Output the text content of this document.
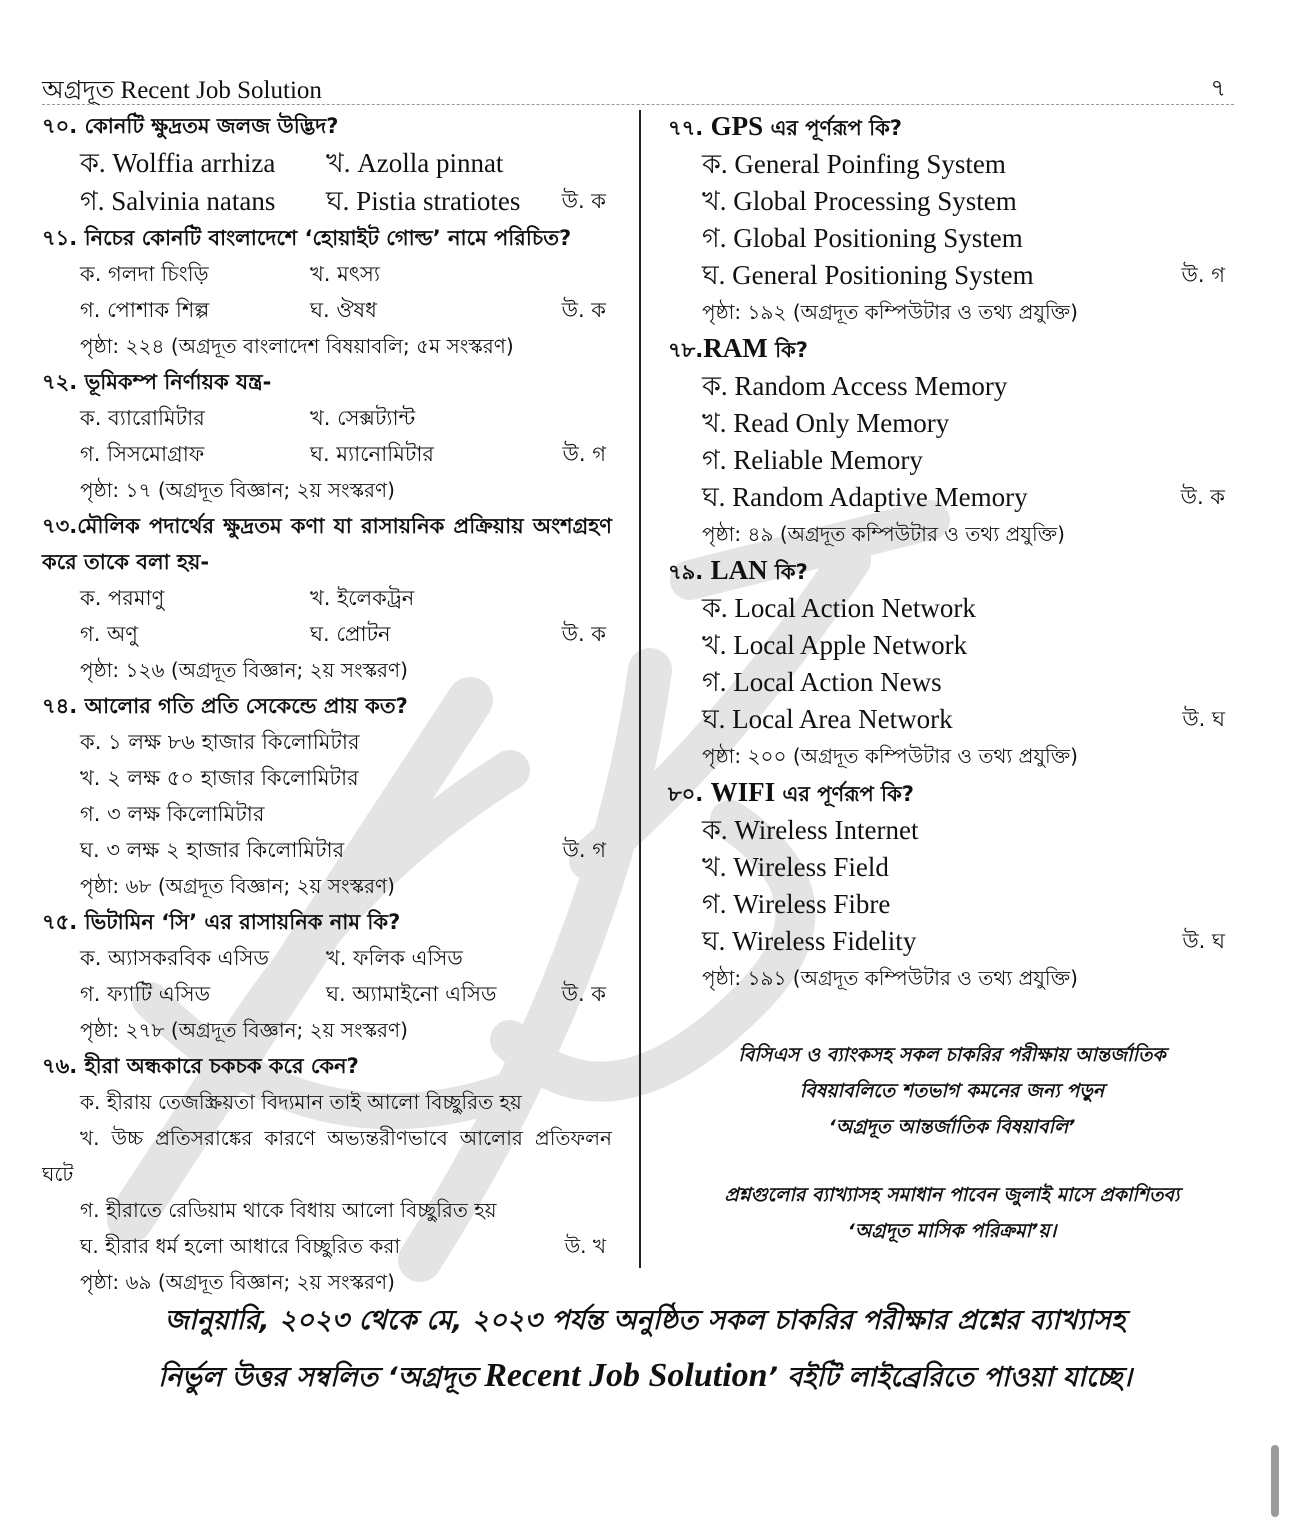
অগ্রদূত Recent Job Solution	৭
৭০. কোনটি ক্ষুদ্রতম জলজ উদ্ভিদ?
ক. Wolffia arrhiza খ. Azolla pinnat
গ. Salvinia natans ঘ. Pistia stratiotes উ. ক
৭১. নিচের কোনটি বাংলাদেশে ‘হোয়াইট গোল্ড’ নামে পরিচিত?
ক. গলদা চিংড়ি	খ. মৎস্য
গ. পোশাক শিল্প	ঘ. ঔষধ	উ. ক
পৃষ্ঠা: ২২৪ (অগ্রদূত বাংলাদেশ বিষয়াবলি; ৫ম সংস্করণ)
৭২. ভূমিকম্প নির্ণায়ক যন্ত্র-
ক. ব্যারোমিটার	খ. সেক্সট্যান্ট
গ. সিসমোগ্রাফ	ঘ. ম্যানোমিটার	উ. গ
পৃষ্ঠা: ১৭ (অগ্রদূত বিজ্ঞান; ২য় সংস্করণ)
৭৩.মৌলিক পদার্থের ক্ষুদ্রতম কণা যা রাসায়নিক প্রক্রিয়ায় অংশগ্রহণ করে তাকে বলা হয়-
ক. পরমাণু	খ. ইলেকট্রন
গ. অণু	ঘ. প্রোটন	উ. ক
পৃষ্ঠা: ১২৬ (অগ্রদূত বিজ্ঞান; ২য় সংস্করণ)
৭৪. আলোর গতি প্রতি সেকেন্ডে প্রায় কত?
ক. ১ লক্ষ ৮৬ হাজার কিলোমিটার
খ. ২ লক্ষ ৫০ হাজার কিলোমিটার
গ. ৩ লক্ষ কিলোমিটার
ঘ. ৩ লক্ষ ২ হাজার কিলোমিটার	উ. গ
পৃষ্ঠা: ৬৮ (অগ্রদূত বিজ্ঞান; ২য় সংস্করণ)
৭৫. ভিটামিন ‘সি’ এর রাসায়নিক নাম কি?
ক. অ্যাসকরবিক এসিড	খ. ফলিক এসিড
গ. ফ্যাটি এসিড	ঘ. অ্যামাইনো এসিড	উ. ক
পৃষ্ঠা: ২৭৮ (অগ্রদূত বিজ্ঞান; ২য় সংস্করণ)
৭৬. হীরা অন্ধকারে চকচক করে কেন?
ক. হীরায় তেজস্ক্রিয়তা বিদ্যমান তাই আলো বিচ্ছুরিত হয়
খ. উচ্চ প্রতিসরাঙ্কের কারণে অভ্যন্তরীণভাবে আলোর প্রতিফলন ঘটে
গ. হীরাতে রেডিয়াম থাকে বিধায় আলো বিচ্ছুরিত হয়
ঘ. হীরার ধর্ম হলো আধারে বিচ্ছুরিত করা	উ. খ
পৃষ্ঠা: ৬৯ (অগ্রদূত বিজ্ঞান; ২য় সংস্করণ)
৭৭. GPS এর পূর্ণরূপ কি?
ক. General Poinfing System
খ. Global Processing System
গ. Global Positioning System
ঘ. General Positioning System	উ. গ
পৃষ্ঠা: ১৯২ (অগ্রদূত কম্পিউটার ও তথ্য প্রযুক্তি)
৭৮.RAM কি?
ক. Random Access Memory
খ. Read Only Memory
গ. Reliable Memory
ঘ. Random Adaptive Memory	উ. ক
পৃষ্ঠা: ৪৯ (অগ্রদূত কম্পিউটার ও তথ্য প্রযুক্তি)
৭৯. LAN কি?
ক. Local Action Network
খ. Local Apple Network
গ. Local Action News
ঘ. Local Area Network	উ. ঘ
পৃষ্ঠা: ২০০ (অগ্রদূত কম্পিউটার ও তথ্য প্রযুক্তি)
৮০. WIFI এর পূর্ণরূপ কি?
ক. Wireless Internet
খ. Wireless Field
গ. Wireless Fibre
ঘ. Wireless Fidelity	উ. ঘ
পৃষ্ঠা: ১৯১ (অগ্রদূত কম্পিউটার ও তথ্য প্রযুক্তি)
বিসিএস ও ব্যাংকসহ সকল চাকরির পরীক্ষায় আন্তর্জাতিক
বিষয়াবলিতে শতভাগ কমনের জন্য পড়ুন
‘অগ্রদূত আন্তর্জাতিক বিষয়াবলি’
প্রশ্নগুলোর ব্যাখ্যাসহ সমাধান পাবেন জুলাই মাসে প্রকাশিতব্য
‘অগ্রদূত মাসিক পরিক্রমা’য়।
জানুয়ারি, ২০২৩ থেকে মে, ২০২৩ পর্যন্ত অনুষ্ঠিত সকল চাকরির পরীক্ষার প্রশ্নের ব্যাখ্যাসহ
নির্ভুল উত্তর সম্বলিত ‘অগ্রদূত Recent Job Solution’ বইটি লাইব্রেরিতে পাওয়া যাচ্ছে।
